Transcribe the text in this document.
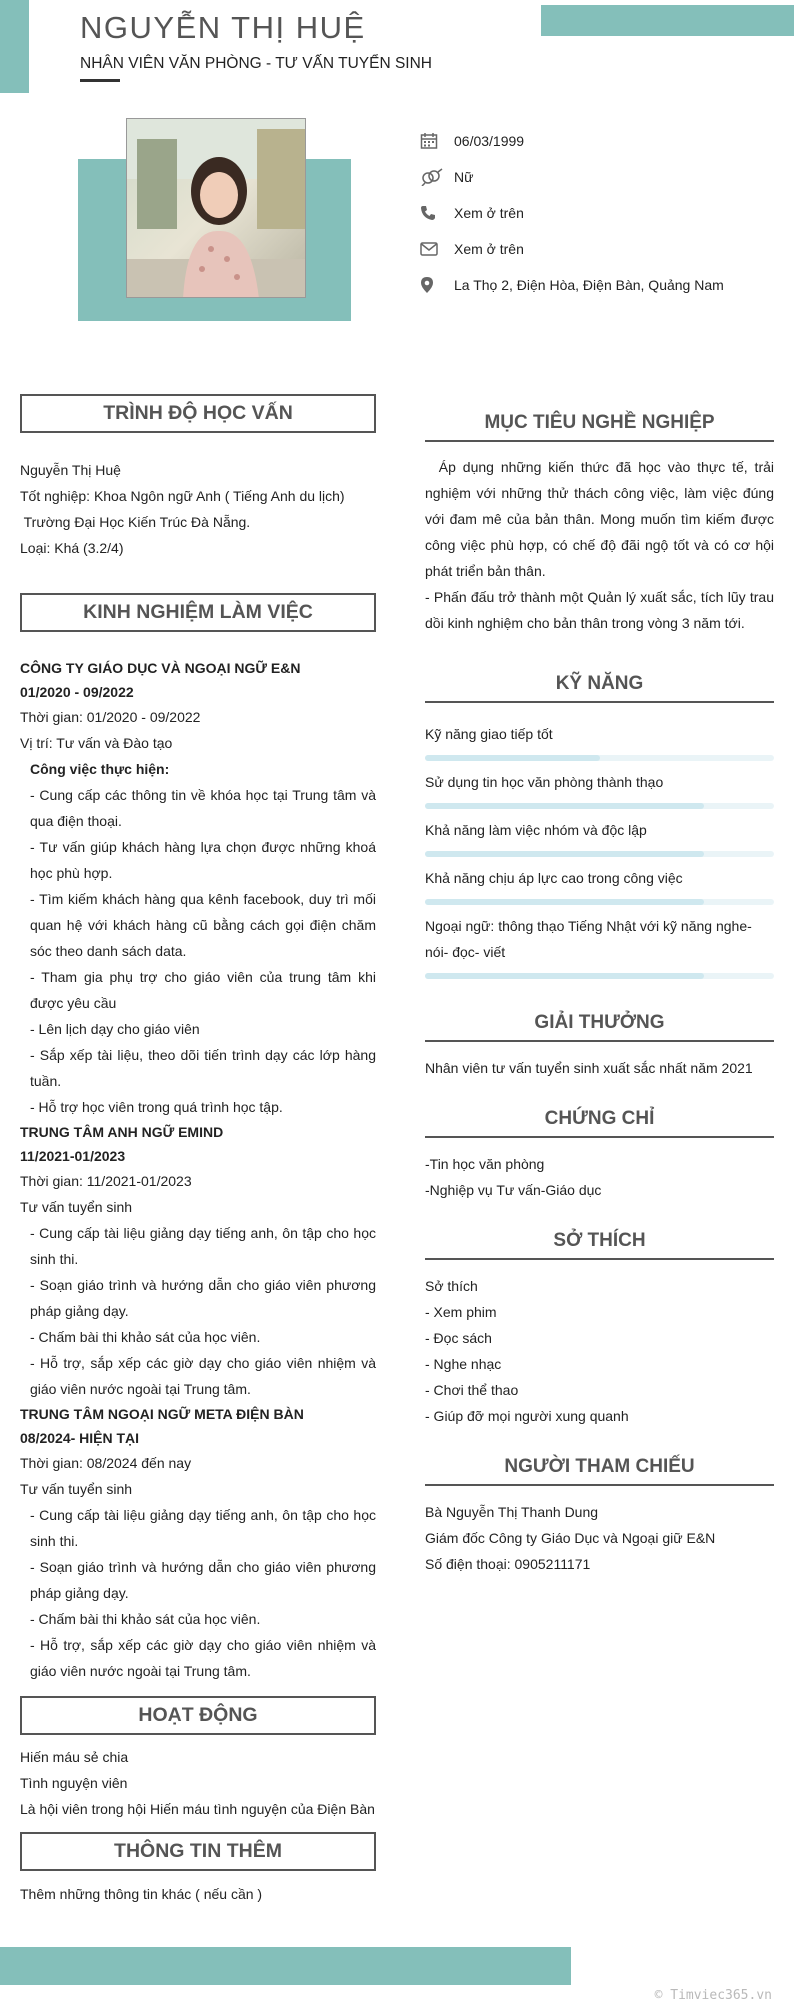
NGUYỄN THỊ HUỆ
NHÂN VIÊN VĂN PHÒNG - TƯ VẤN TUYỂN SINH
06/03/1999
Nữ
Xem ở trên
Xem ở trên
La Thọ 2, Điện Hòa, Điện Bàn, Quảng Nam
TRÌNH ĐỘ HỌC VẤN
Nguyễn Thị Huệ
Tốt nghiệp: Khoa Ngôn ngữ Anh ( Tiếng Anh du lịch)
Trường Đại Học Kiến Trúc Đà Nẵng.
Loại: Khá (3.2/4)
KINH NGHIỆM LÀM VIỆC
CÔNG TY GIÁO DỤC VÀ NGOẠI NGỮ E&N
01/2020 - 09/2022
Thời gian: 01/2020 - 09/2022
Vị trí: Tư vấn và Đào tạo
Công việc thực hiện:
- Cung cấp các thông tin về khóa học tại Trung tâm và qua điện thoại.
- Tư vấn giúp khách hàng lựa chọn được những khoá học phù hợp.
- Tìm kiếm khách hàng qua kênh facebook, duy trì mối quan hệ với khách hàng cũ bằng cách gọi điện chăm sóc theo danh sách data.
- Tham gia phụ trợ cho giáo viên của trung tâm khi được yêu cầu
- Lên lịch dạy cho giáo viên
- Sắp xếp tài liệu, theo dõi tiến trình dạy các lớp hàng tuần.
- Hỗ trợ học viên trong quá trình học tập.
TRUNG TÂM ANH NGỮ EMIND
11/2021-01/2023
Thời gian: 11/2021-01/2023
Tư vấn tuyển sinh
- Cung cấp tài liệu giảng dạy tiếng anh, ôn tập cho học sinh thi.
- Soạn giáo trình và hướng dẫn cho giáo viên phương pháp giảng dạy.
- Chấm bài thi khảo sát của học viên.
- Hỗ trợ, sắp xếp các giờ dạy cho giáo viên nhiệm và giáo viên nước ngoài tại Trung tâm.
TRUNG TÂM NGOẠI NGỮ META ĐIỆN BÀN
08/2024- HIỆN TẠI
Thời gian: 08/2024 đến nay
Tư vấn tuyển sinh
- Cung cấp tài liệu giảng dạy tiếng anh, ôn tập cho học sinh thi.
- Soạn giáo trình và hướng dẫn cho giáo viên phương pháp giảng dạy.
- Chấm bài thi khảo sát của học viên.
- Hỗ trợ, sắp xếp các giờ dạy cho giáo viên nhiệm và giáo viên nước ngoài tại Trung tâm.
HOẠT ĐỘNG
Hiến máu sẻ chia
Tình nguyện viên
Là hội viên trong hội Hiến máu tình nguyện của Điện Bàn
THÔNG TIN THÊM
Thêm những thông tin khác ( nếu cần )
MỤC TIÊU NGHỀ NGHIỆP
Áp dụng những kiến thức đã học vào thực tế, trải nghiệm với những thử thách công việc, làm việc đúng với đam mê của bản thân. Mong muốn tìm kiếm được công việc phù hợp, có chế độ đãi ngộ tốt và có cơ hội phát triển bản thân.
- Phấn đấu trở thành một Quản lý xuất sắc, tích lũy trau dồi kinh nghiệm cho bản thân trong vòng 3 năm tới.
KỸ NĂNG
Kỹ năng giao tiếp tốt
Sử dụng tin học văn phòng thành thạo
Khả năng làm việc nhóm và độc lập
Khả năng chịu áp lực cao trong công việc
Ngoại ngữ: thông thạo Tiếng Nhật với kỹ năng nghe- nói- đọc- viết
GIẢI THƯỞNG
Nhân viên tư vấn tuyển sinh xuất sắc nhất năm 2021
CHỨNG CHỈ
-Tin học văn phòng
-Nghiệp vụ Tư vấn-Giáo dục
SỞ THÍCH
Sở thích
- Xem phim
- Đọc sách
- Nghe nhạc
- Chơi thể thao
- Giúp đỡ mọi người xung quanh
NGƯỜI THAM CHIẾU
Bà Nguyễn Thị Thanh Dung
Giám đốc Công ty Giáo Dục và Ngoại giữ E&N
Số điện thoại: 0905211171
© Timviec365.vn
